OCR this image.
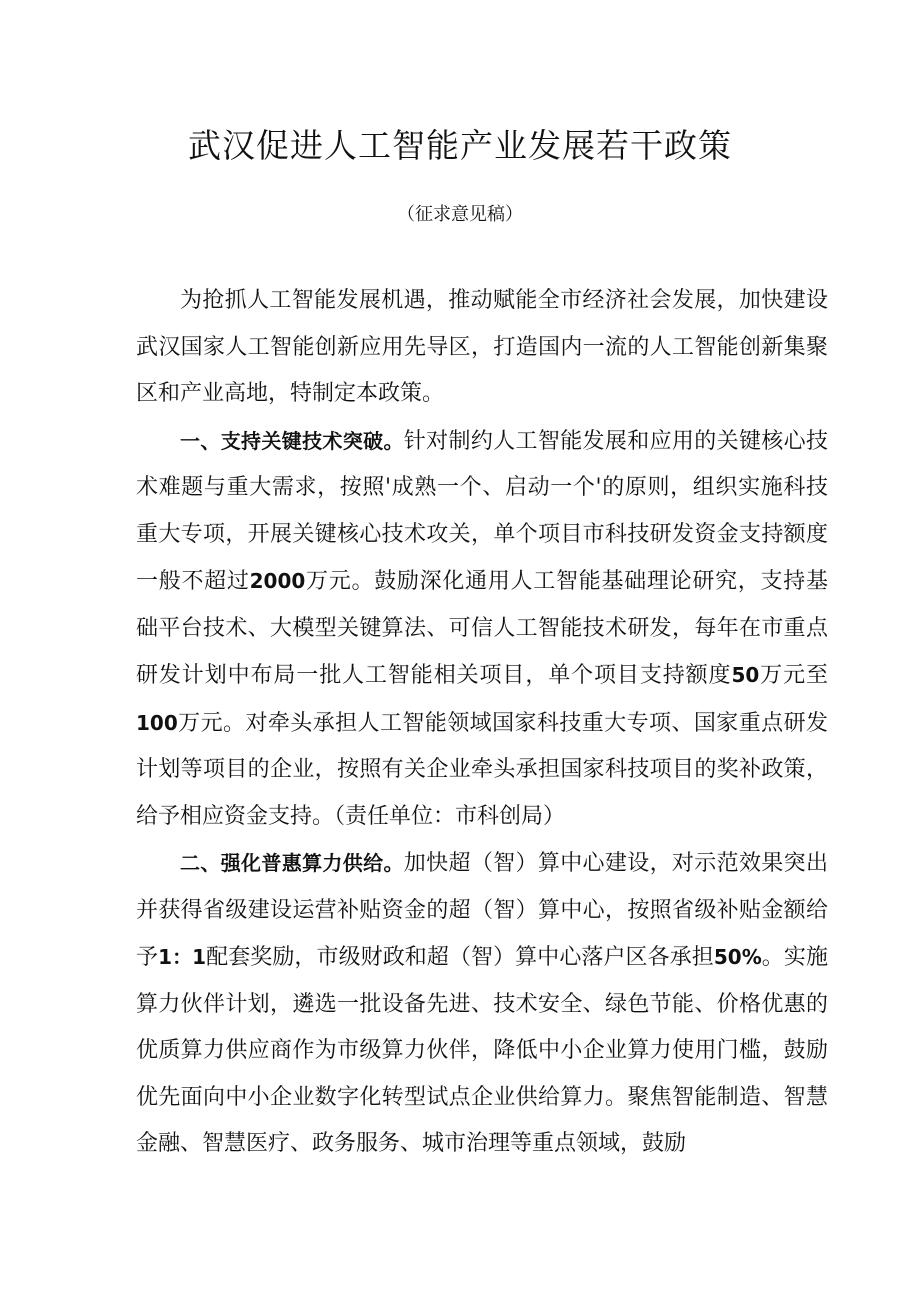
武汉促进人工智能产业发展若干政策
（征求意见稿）

为抢抓人工智能发展机遇，推动赋能全市经济社会发展，加快建设武汉国家人工智能创新应用先导区，打造国内一流的人工智能创新集聚区和产业高地，特制定本政策。

一、支持关键技术突破。针对制约人工智能发展和应用的关键核心技术难题与重大需求，按照'成熟一个、启动一个'的原则，组织实施科技重大专项，开展关键核心技术攻关，单个项目市科技研发资金支持额度一般不超过2000万元。鼓励深化通用人工智能基础理论研究，支持基础平台技术、大模型关键算法、可信人工智能技术研发，每年在市重点研发计划中布局一批人工智能相关项目，单个项目支持额度50万元至100万元。对牵头承担人工智能领域国家科技重大专项、国家重点研发计划等项目的企业，按照有关企业牵头承担国家科技项目的奖补政策，给予相应资金支持。（责任单位：市科创局）

二、强化普惠算力供给。加快超（智）算中心建设，对示范效果突出并获得省级建设运营补贴资金的超（智）算中心，按照省级补贴金额给予1：1配套奖励，市级财政和超（智）算中心落户区各承担50%。实施算力伙伴计划，遴选一批设备先进、技术安全、绿色节能、价格优惠的优质算力供应商作为市级算力伙伴，降低中小企业算力使用门槛，鼓励优先面向中小企业数字化转型试点企业供给算力。聚焦智能制造、智慧金融、智慧医疗、政务服务、城市治理等重点领域，鼓励
